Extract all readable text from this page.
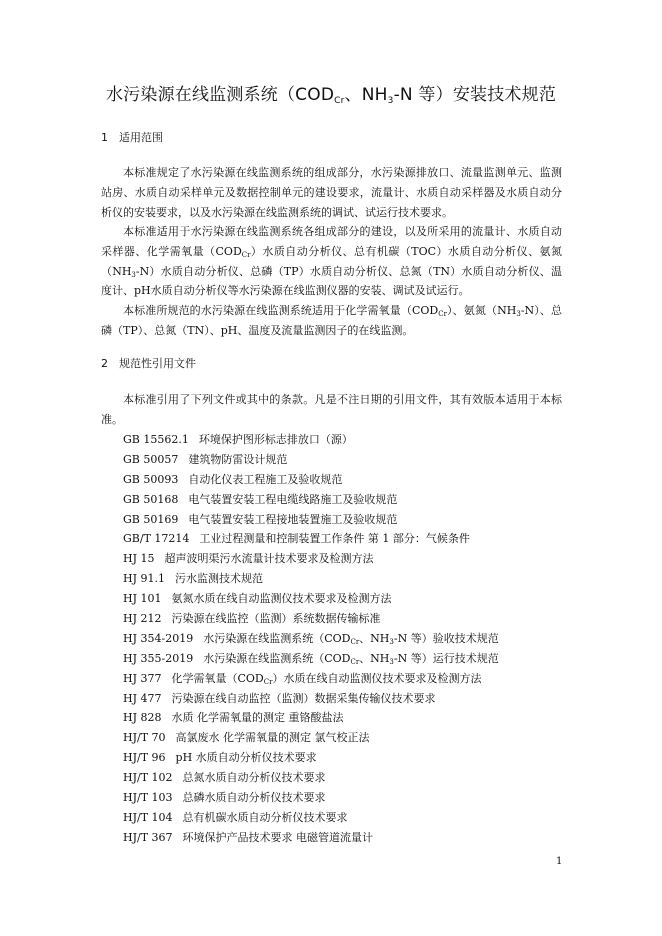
水污染源在线监测系统（$COD_{Cr}$、$NH_3-N$ 等）安装技术规范
1 适用范围

本标准规定了水污染源在线监测系统的组成部分，水污染源排放口、流量监测单元、监测站房、水质自动采样单元及数据控制单元的建设要求，流量计、水质自动采样器及水质自动分析仪的安装要求，以及水污染源在线监测系统的调试、试运行技术要求。

本标准适用于水污染源在线监测系统各组成部分的建设，以及所采用的流量计、水质自动采样器、化学需氧量$(COD_{Cr})$水质自动分析仪、总有机碳（TOC）水质自动分析仪、氨氮$(NH_3-N)$水质自动分析仪、总磷（TP）水质自动分析仪、总氮（TN）水质自动分析仪、温度计、pH水质自动分析仪等水污染源在线监测仪器的安装、调试及试运行。

本标准所规范的水污染源在线监测系统适用于化学需氧量$(COD_{Cr})$、氨氮$(NH_3-N)$、总磷（TP）、总氮（TN）、pH、温度及流量监测因子的在线监测。

2 规范性引用文件

本标准引用了下列文件或其中的条款。凡是不注日期的引用文件，其有效版本适用于本标准。

GB 15562.1 环境保护图形标志排放口（源）
GB 50057 建筑物防雷设计规范
GB 50093 自动化仪表工程施工及验收规范
GB 50168 电气装置安装工程电缆线路施工及验收规范
GB 50169 电气装置安装工程接地装置施工及验收规范
GB/T 17214 工业过程测量和控制装置工作条件 第 1 部分：气候条件
HJ 15 超声波明渠污水流量计技术要求及检测方法
HJ 91.1 污水监测技术规范
HJ 101 氨氮水质在线自动监测仪技术要求及检测方法
HJ 212 污染源在线监控（监测）系统数据传输标准
HJ 354-2019 水污染源在线监测系统（$COD_{Cr}$、$NH_3-N$ 等）验收技术规范
HJ 355-2019 水污染源在线监测系统（$COD_{Cr}$、$NH_3-N$ 等）运行技术规范
HJ 377 化学需氧量$(COD_{Cr})$水质在线自动监测仪技术要求及检测方法
HJ 477 污染源在线自动监控（监测）数据采集传输仪技术要求
HJ 828 水质 化学需氧量的测定 重铬酸盐法
HJ/T 70 高氯废水 化学需氧量的测定 氯气校正法
HJ/T 96 pH 水质自动分析仪技术要求
HJ/T 102 总氮水质自动分析仪技术要求
HJ/T 103 总磷水质自动分析仪技术要求
HJ/T 104 总有机碳水质自动分析仪技术要求
HJ/T 367 环境保护产品技术要求 电磁管道流量计
1
